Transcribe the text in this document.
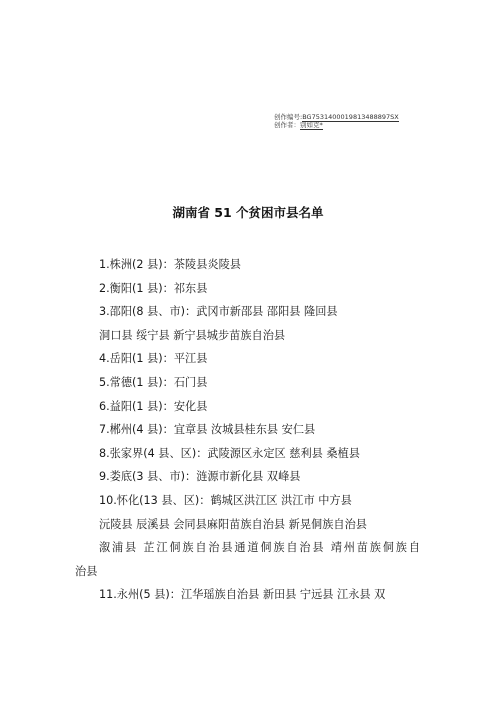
创作编号:BG7531400019813488897SX
创作者：别如克*
湖南省 51 个贫困市县名单
1.株洲(2 县)：茶陵县炎陵县
2.衡阳(1 县)：祁东县
3.邵阳(8 县、市)：武冈市新邵县 邵阳县 隆回县
洞口县 绥宁县 新宁县城步苗族自治县
4.岳阳(1 县)：平江县
5.常德(1 县)：石门县
6.益阳(1 县)：安化县
7.郴州(4 县)：宜章县 汝城县桂东县 安仁县
8.张家界(4 县、区)：武陵源区永定区 慈利县 桑植县
9.娄底(3 县、市)：涟源市新化县 双峰县
10.怀化(13 县、区)：鹤城区洪江区 洪江市 中方县
沅陵县 辰溪县 会同县麻阳苗族自治县 新晃侗族自治县
溆浦县 芷江侗族自治县通道侗族自治县 靖州苗族侗族自
治县
11.永州(5 县)：江华瑶族自治县 新田县 宁远县 江永县 双
